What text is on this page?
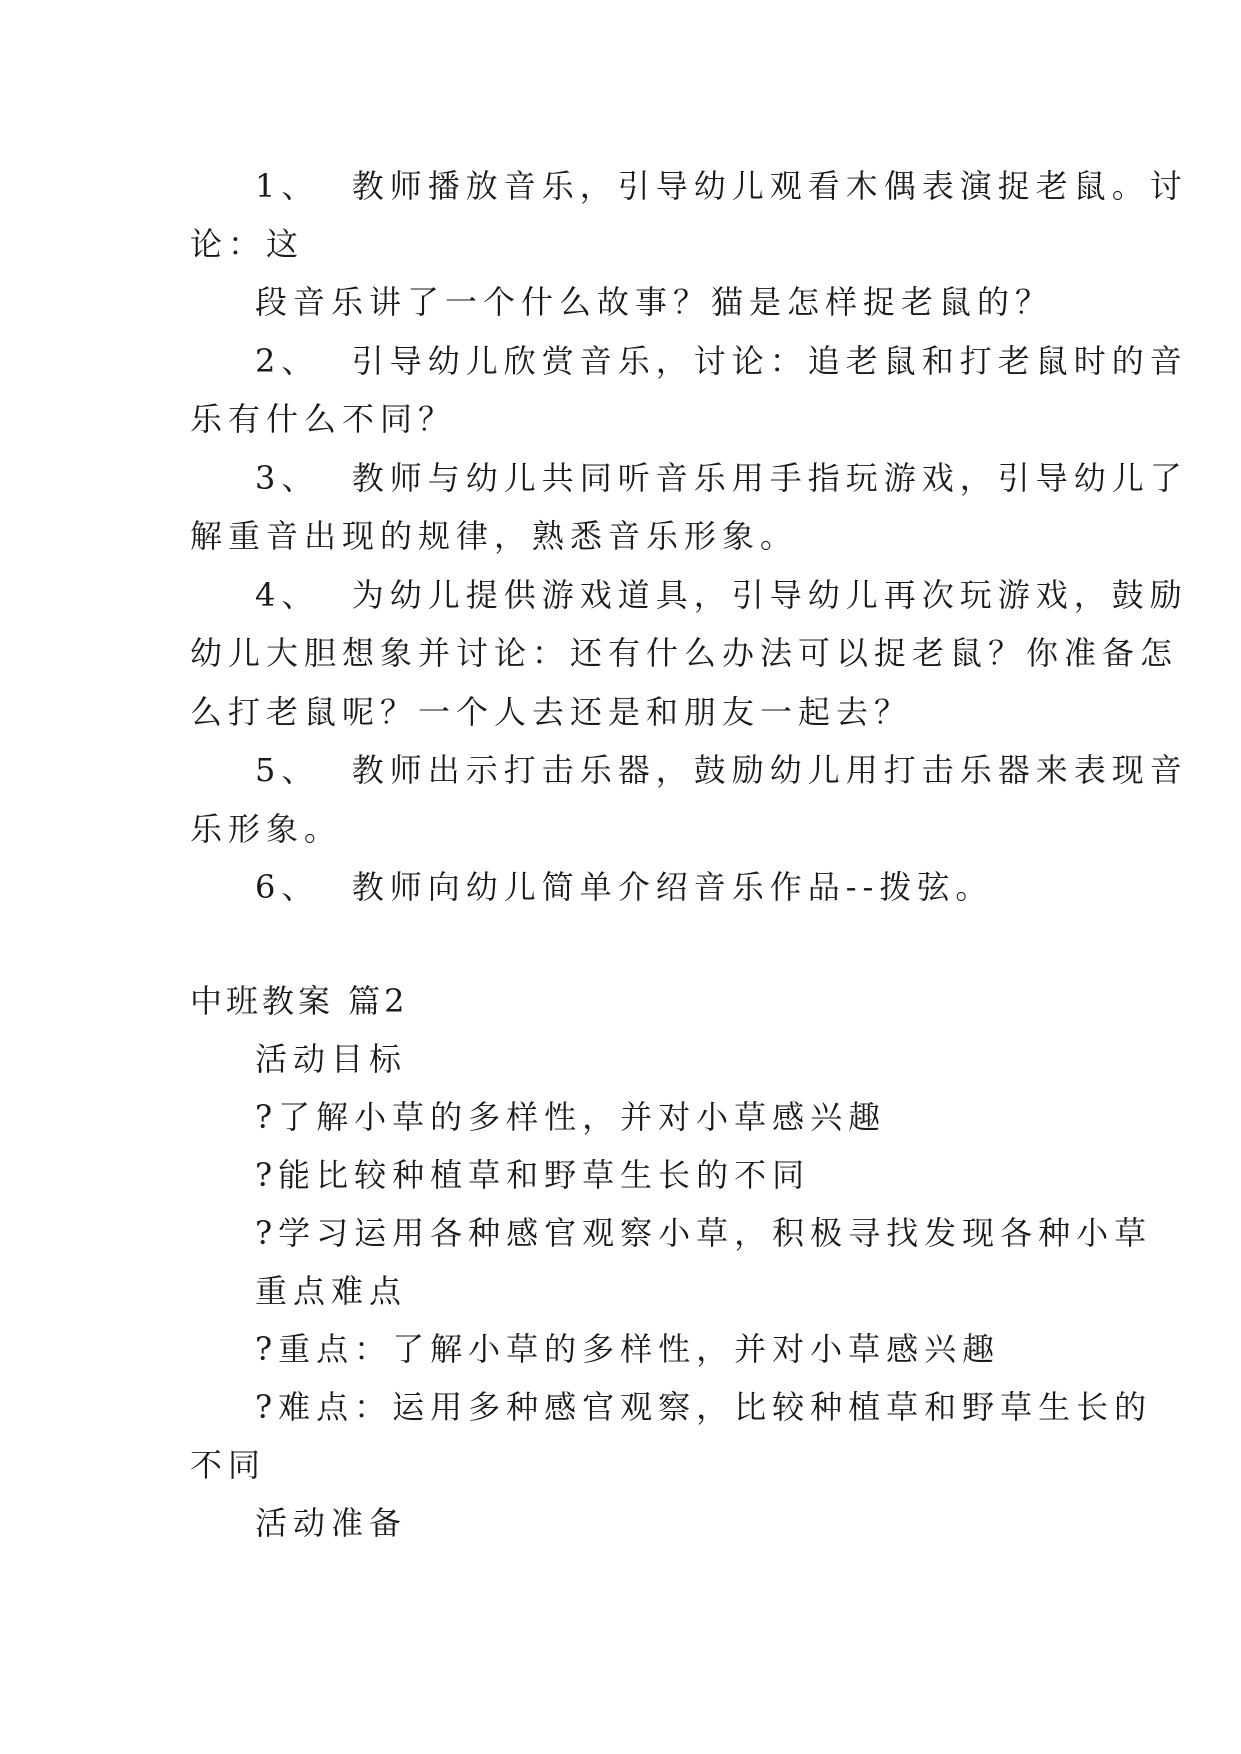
1、  教师播放音乐，引导幼儿观看木偶表演捉老鼠。讨
论：这
段音乐讲了一个什么故事？猫是怎样捉老鼠的？
2、  引导幼儿欣赏音乐，讨论：追老鼠和打老鼠时的音
乐有什么不同？
3、  教师与幼儿共同听音乐用手指玩游戏，引导幼儿了
解重音出现的规律，熟悉音乐形象。
4、  为幼儿提供游戏道具，引导幼儿再次玩游戏，鼓励
幼儿大胆想象并讨论：还有什么办法可以捉老鼠？你准备怎
么打老鼠呢？一个人去还是和朋友一起去？
5、  教师出示打击乐器，鼓励幼儿用打击乐器来表现音
乐形象。
6、  教师向幼儿简单介绍音乐作品--拨弦。
中班教案 篇2
活动目标
?了解小草的多样性，并对小草感兴趣
?能比较种植草和野草生长的不同
?学习运用各种感官观察小草，积极寻找发现各种小草
重点难点
?重点：了解小草的多样性，并对小草感兴趣
?难点：运用多种感官观察，比较种植草和野草生长的
不同
活动准备
